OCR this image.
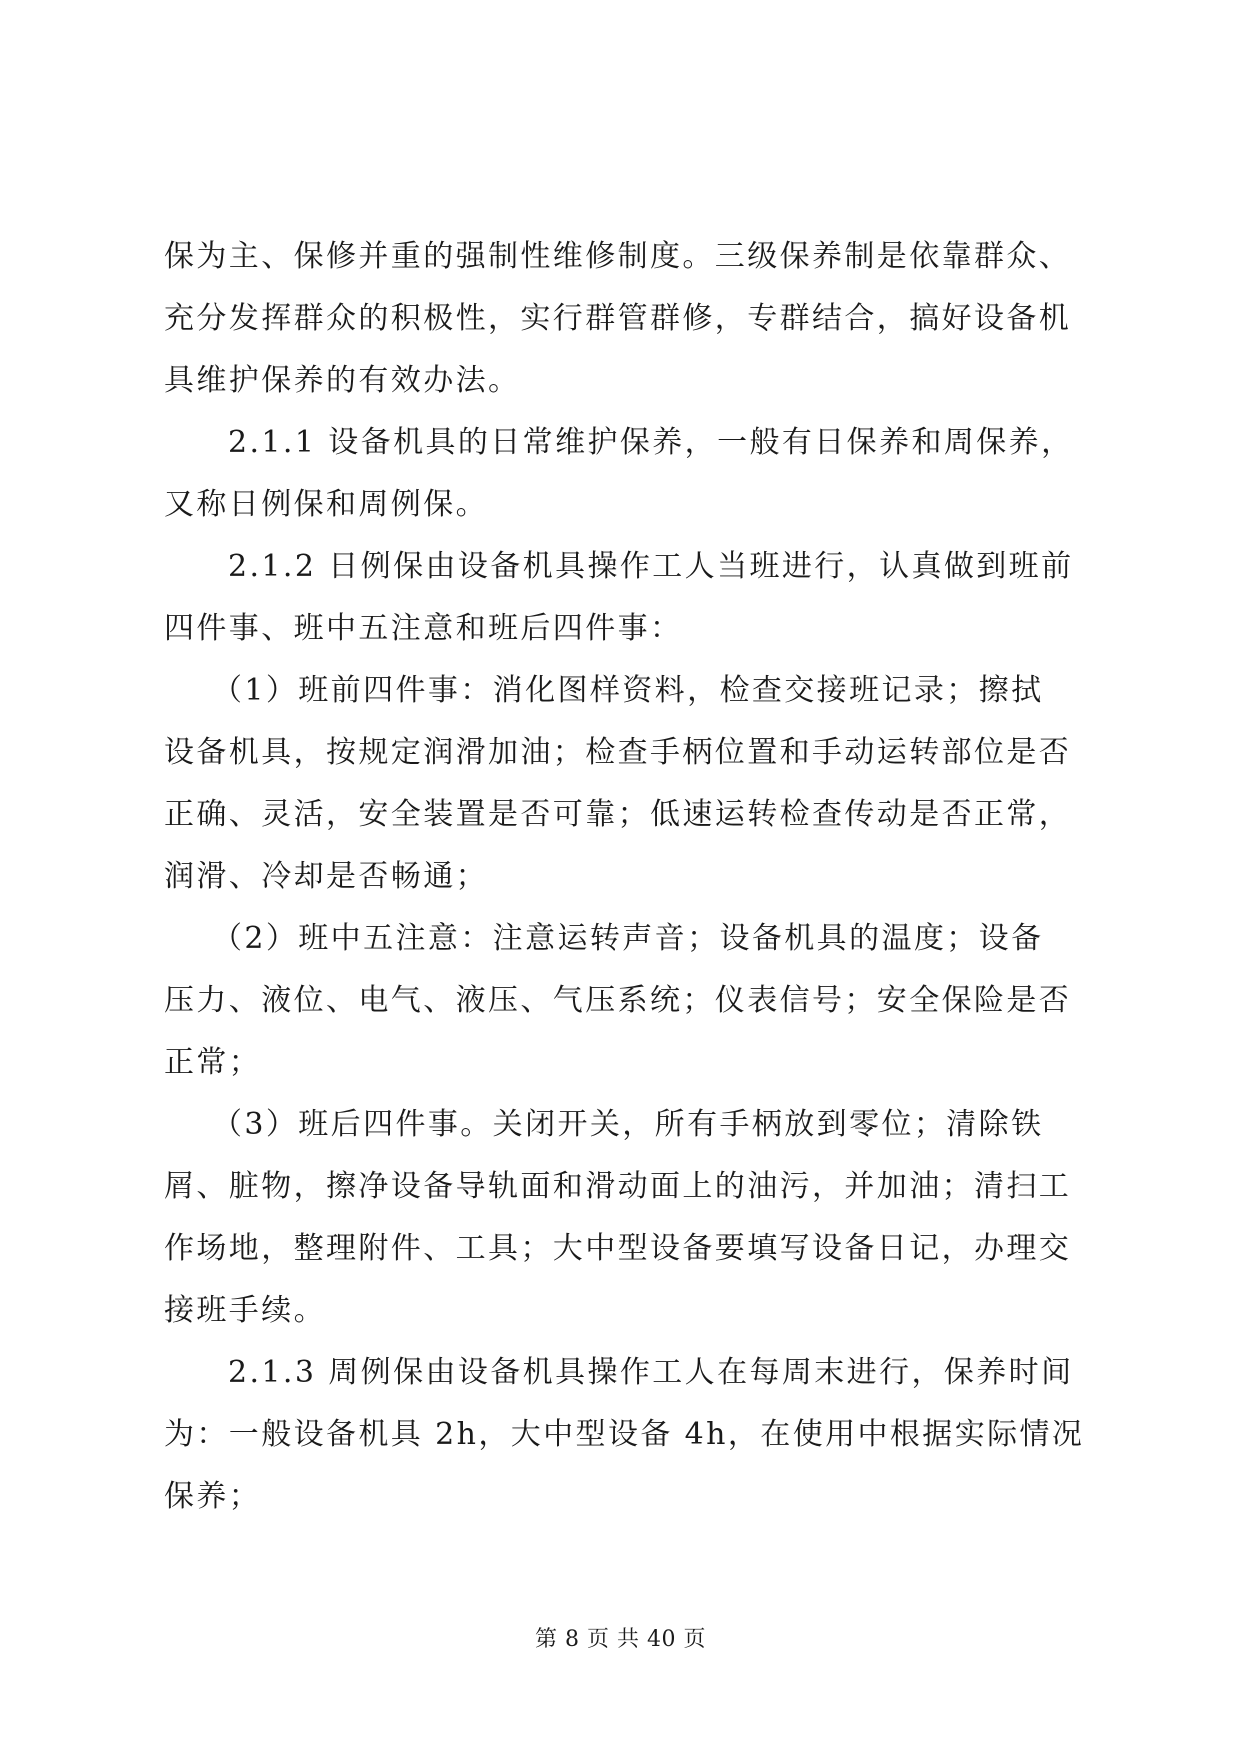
保为主、保修并重的强制性维修制度。三级保养制是依靠群众、
充分发挥群众的积极性，实行群管群修，专群结合，搞好设备机
具维护保养的有效办法。

2.1.1 设备机具的日常维护保养，一般有日保养和周保养，
又称日例保和周例保。

2.1.2 日例保由设备机具操作工人当班进行，认真做到班前
四件事、班中五注意和班后四件事：

（1）班前四件事：消化图样资料，检查交接班记录；擦拭
设备机具，按规定润滑加油；检查手柄位置和手动运转部位是否
正确、灵活，安全装置是否可靠；低速运转检查传动是否正常，
润滑、冷却是否畅通；

（2）班中五注意：注意运转声音；设备机具的温度；设备
压力、液位、电气、液压、气压系统；仪表信号；安全保险是否
正常；

（3）班后四件事。关闭开关，所有手柄放到零位；清除铁
屑、脏物，擦净设备导轨面和滑动面上的油污，并加油；清扫工
作场地，整理附件、工具；大中型设备要填写设备日记，办理交
接班手续。

2.1.3 周例保由设备机具操作工人在每周末进行，保养时间
为：一般设备机具 2h，大中型设备 4h，在使用中根据实际情况
保养；

第 8 页 共 40 页
